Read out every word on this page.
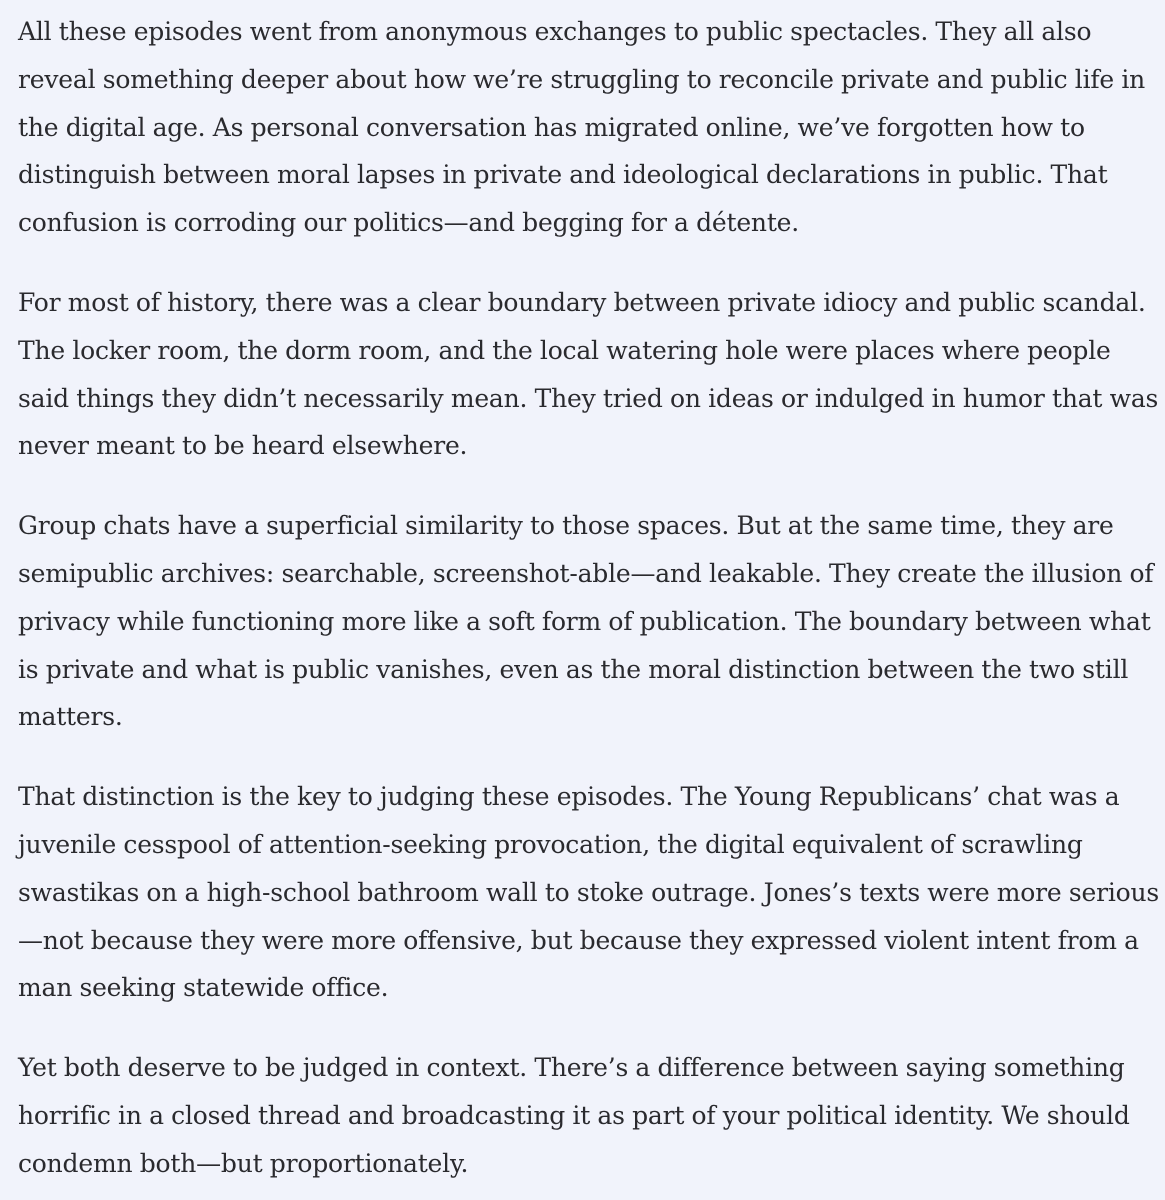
All these episodes went from anonymous exchanges to public spectacles. They all also reveal something deeper about how we’re struggling to reconcile private and public life in the digital age. As personal conversation has migrated online, we’ve forgotten how to distinguish between moral lapses in private and ideological declarations in public. That confusion is corroding our politics—and begging for a détente.

For most of history, there was a clear boundary between private idiocy and public scandal. The locker room, the dorm room, and the local watering hole were places where people said things they didn’t necessarily mean. They tried on ideas or indulged in humor that was never meant to be heard elsewhere.

Group chats have a superficial similarity to those spaces. But at the same time, they are semipublic archives: searchable, screenshot-able—and leakable. They create the illusion of privacy while functioning more like a soft form of publication. The boundary between what is private and what is public vanishes, even as the moral distinction between the two still matters.

That distinction is the key to judging these episodes. The Young Republicans’ chat was a juvenile cesspool of attention-seeking provocation, the digital equivalent of scrawling swastikas on a high-school bathroom wall to stoke outrage. Jones’s texts were more serious—not because they were more offensive, but because they expressed violent intent from a man seeking statewide office.

Yet both deserve to be judged in context. There’s a difference between saying something horrific in a closed thread and broadcasting it as part of your political identity. We should condemn both—but proportionately.
